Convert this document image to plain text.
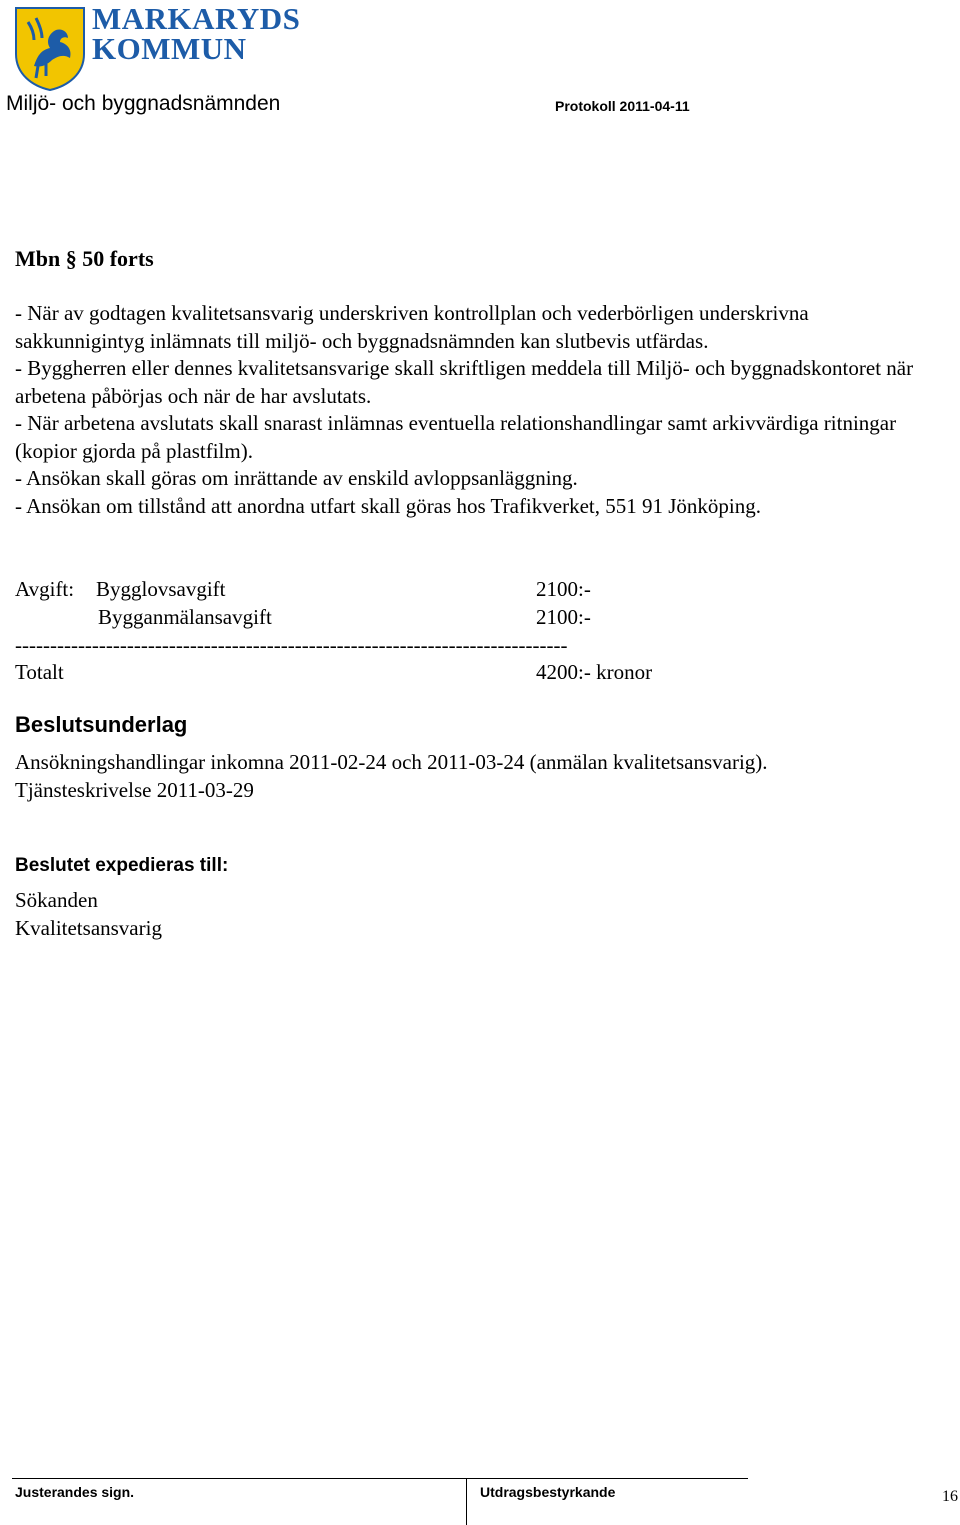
MARKARYDS
KOMMUN
Miljö- och byggnadsnämnden	Protokoll 2011-04-11
Mbn § 50 forts

- När av godtagen kvalitetsansvarig underskriven kontrollplan och vederbörligen underskrivna sakkunnigintyg inlämnats till miljö- och byggnadsnämnden kan slutbevis utfärdas.

- Byggherren eller dennes kvalitetsansvarige skall skriftligen meddela till Miljö- och byggnadskontoret när arbetena påbörjas och när de har avslutats.

- När arbetena avslutats skall snarast inlämnas eventuella relationshandlingar samt arkivvärdiga ritningar (kopior gjorda på plastfilm).

- Ansökan skall göras om inrättande av enskild avloppsanläggning.

- Ansökan om tillstånd att anordna utfart skall göras hos Trafikverket, 551 91 Jönköping.

Avgift: Bygglovsavgift	2100:-
Bygganmälansavgift	2100:-
-------------------------------------------------------------------------------
Totalt	4200:- kronor
Beslutsunderlag
Ansökningshandlingar inkomna 2011-02-24 och 2011-03-24 (anmälan kvalitetsansvarig).
Tjänsteskrivelse 2011-03-29
Beslutet expedieras till:
Sökanden
Kvalitetsansvarig
Justerandes sign.	Utdragsbestyrkande	16
